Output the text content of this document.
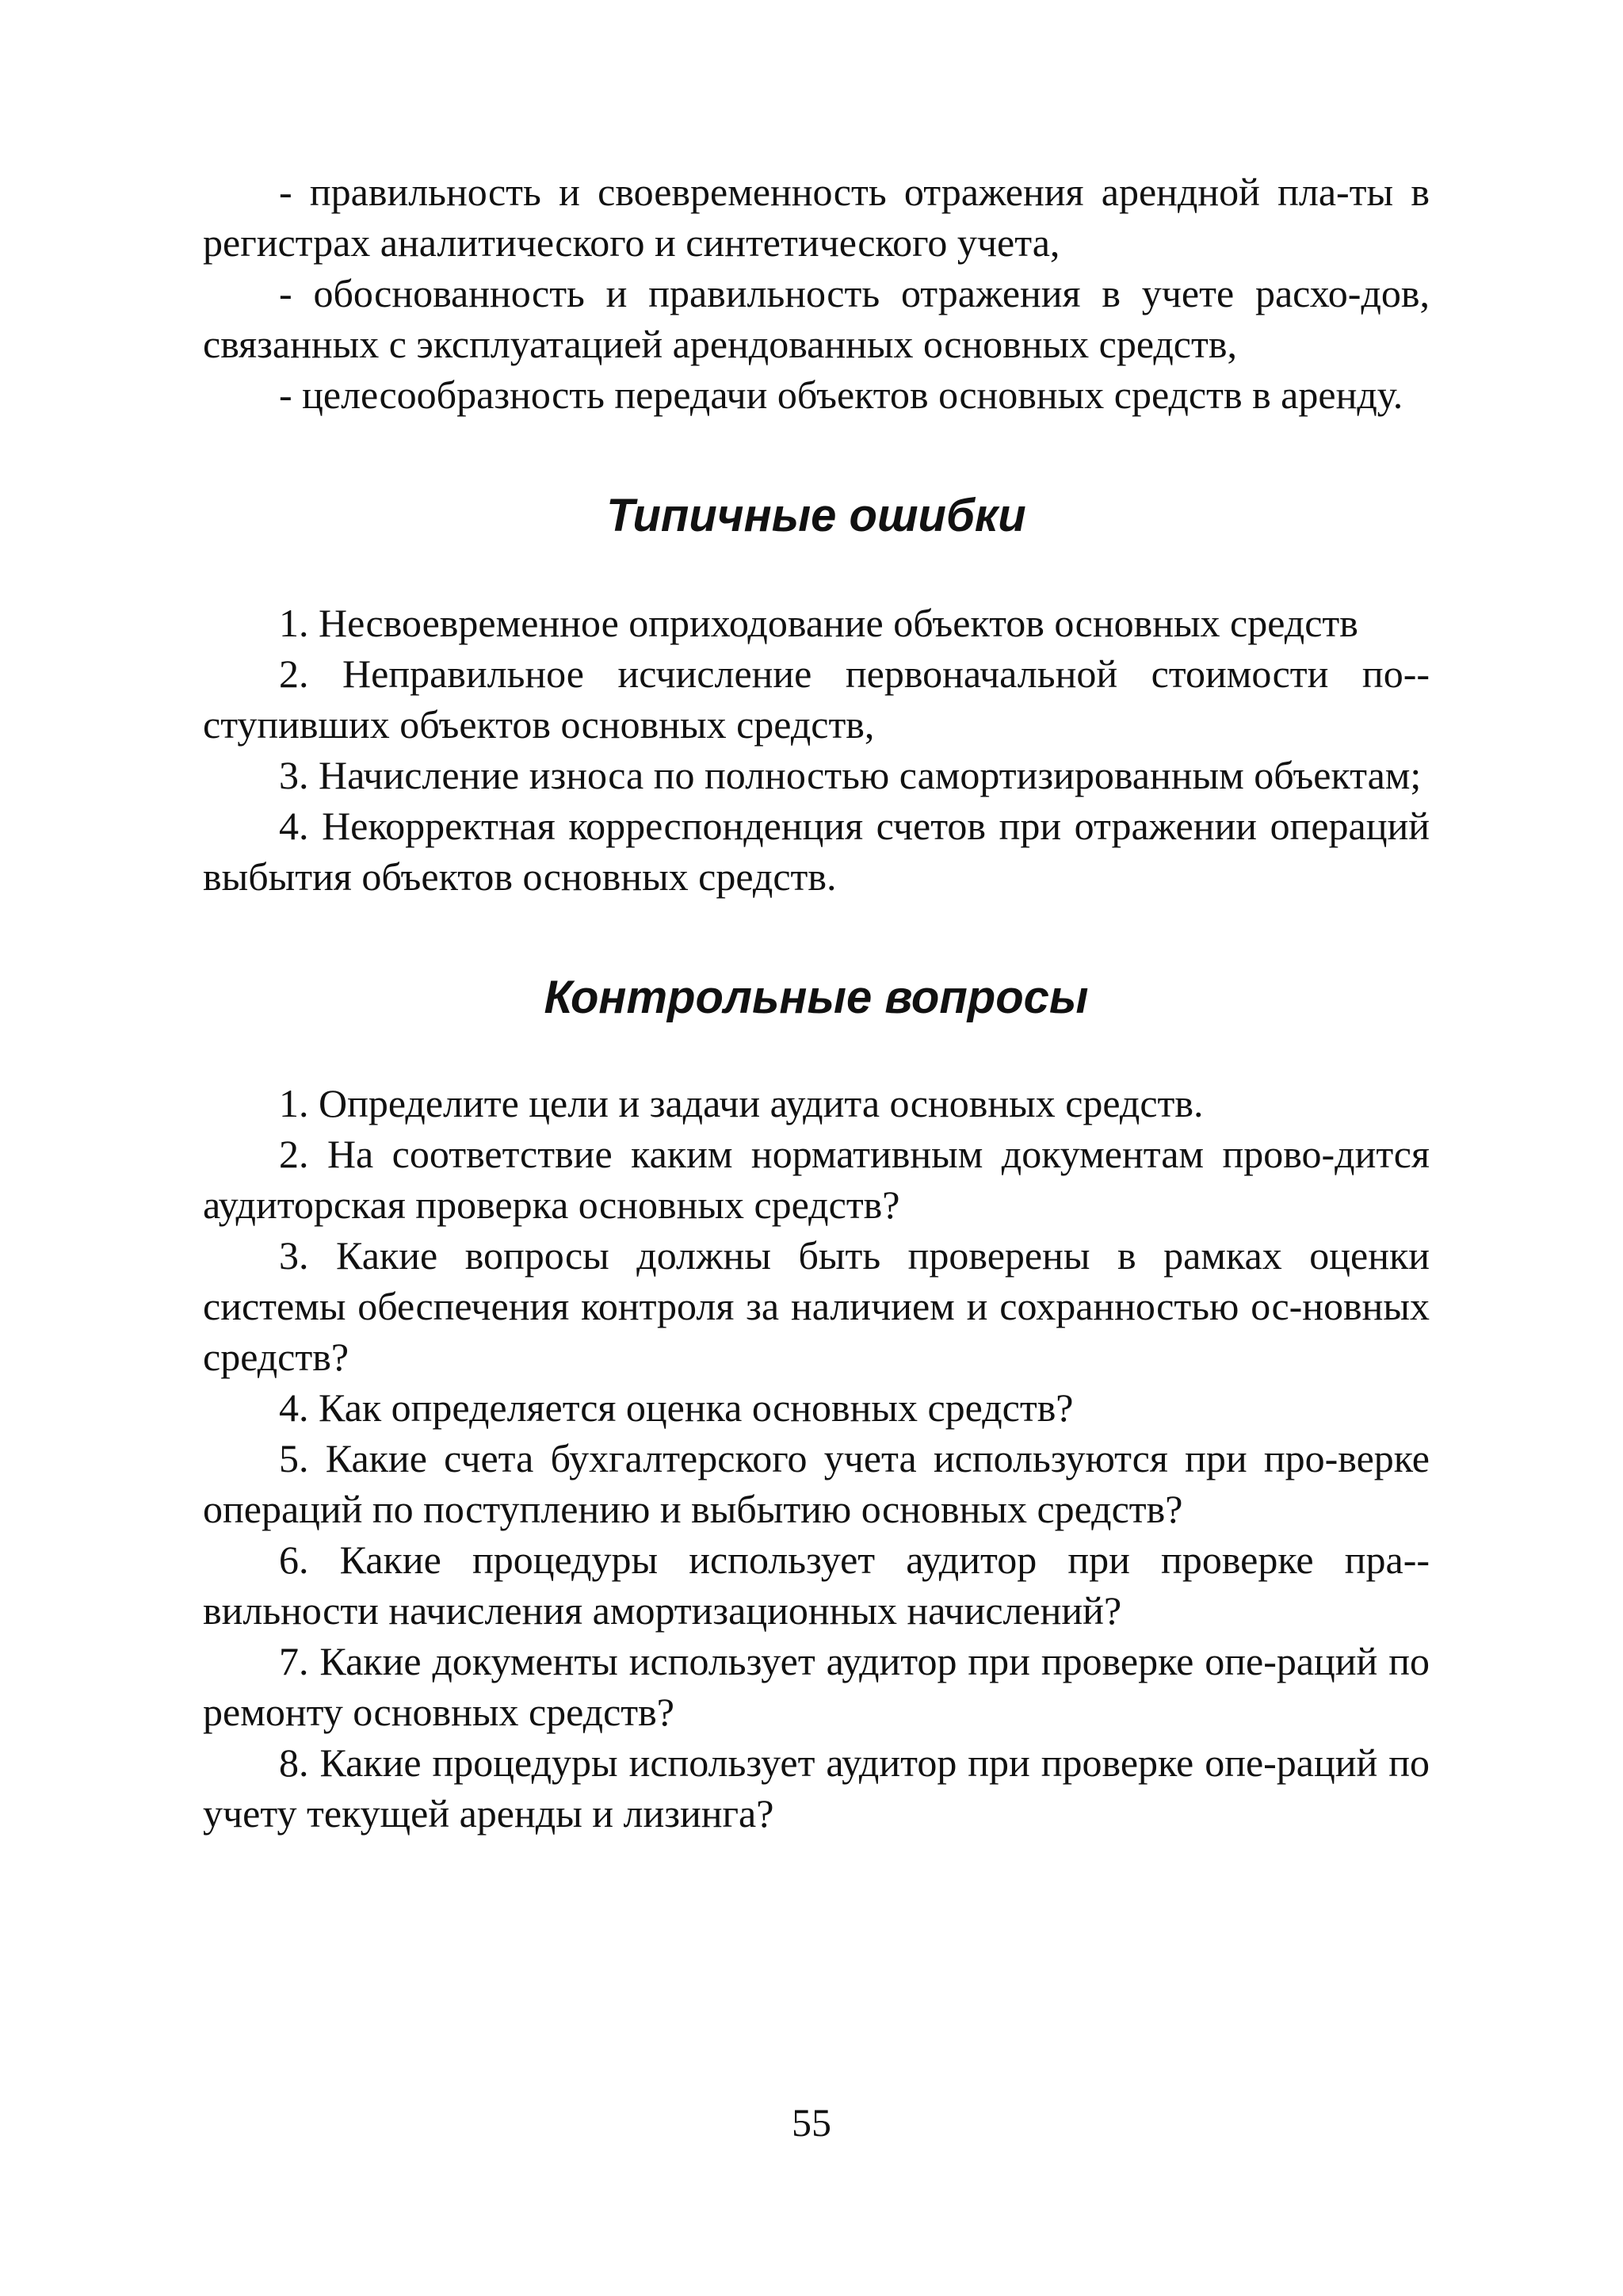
- правильность и своевременность отражения арендной пла-ты в регистрах аналитического и синтетического учета,

- обоснованность и правильность отражения в учете расхо-дов, связанных с эксплуатацией арендованных основных средств,

- целесообразность передачи объектов основных средств в аренду.

Типичные ошибки

1. Несвоевременное оприходование объектов основных средств

2. Неправильное исчисление первоначальной стоимости по-ступивших объектов основных средств,

3. Начисление износа по полностью самортизированным объектам;

4. Некорректная корреспонденция счетов при отражении операций выбытия объектов основных средств.

Контрольные вопросы

1. Определите цели и задачи аудита основных средств.

2. На соответствие каким нормативным документам прово-дится аудиторская проверка основных средств?

3. Какие вопросы должны быть проверены в рамках оценки системы обеспечения контроля за наличием и сохранностью ос-новных средств?

4. Как определяется оценка основных средств?

5. Какие счета бухгалтерского учета используются при про-верке операций по поступлению и выбытию основных средств?

6. Какие процедуры использует аудитор при проверке пра-вильности начисления амортизационных начислений?

7. Какие документы использует аудитор при проверке опе-раций по ремонту основных средств?

8. Какие процедуры использует аудитор при проверке опе-раций по учету текущей аренды и лизинга?

55
